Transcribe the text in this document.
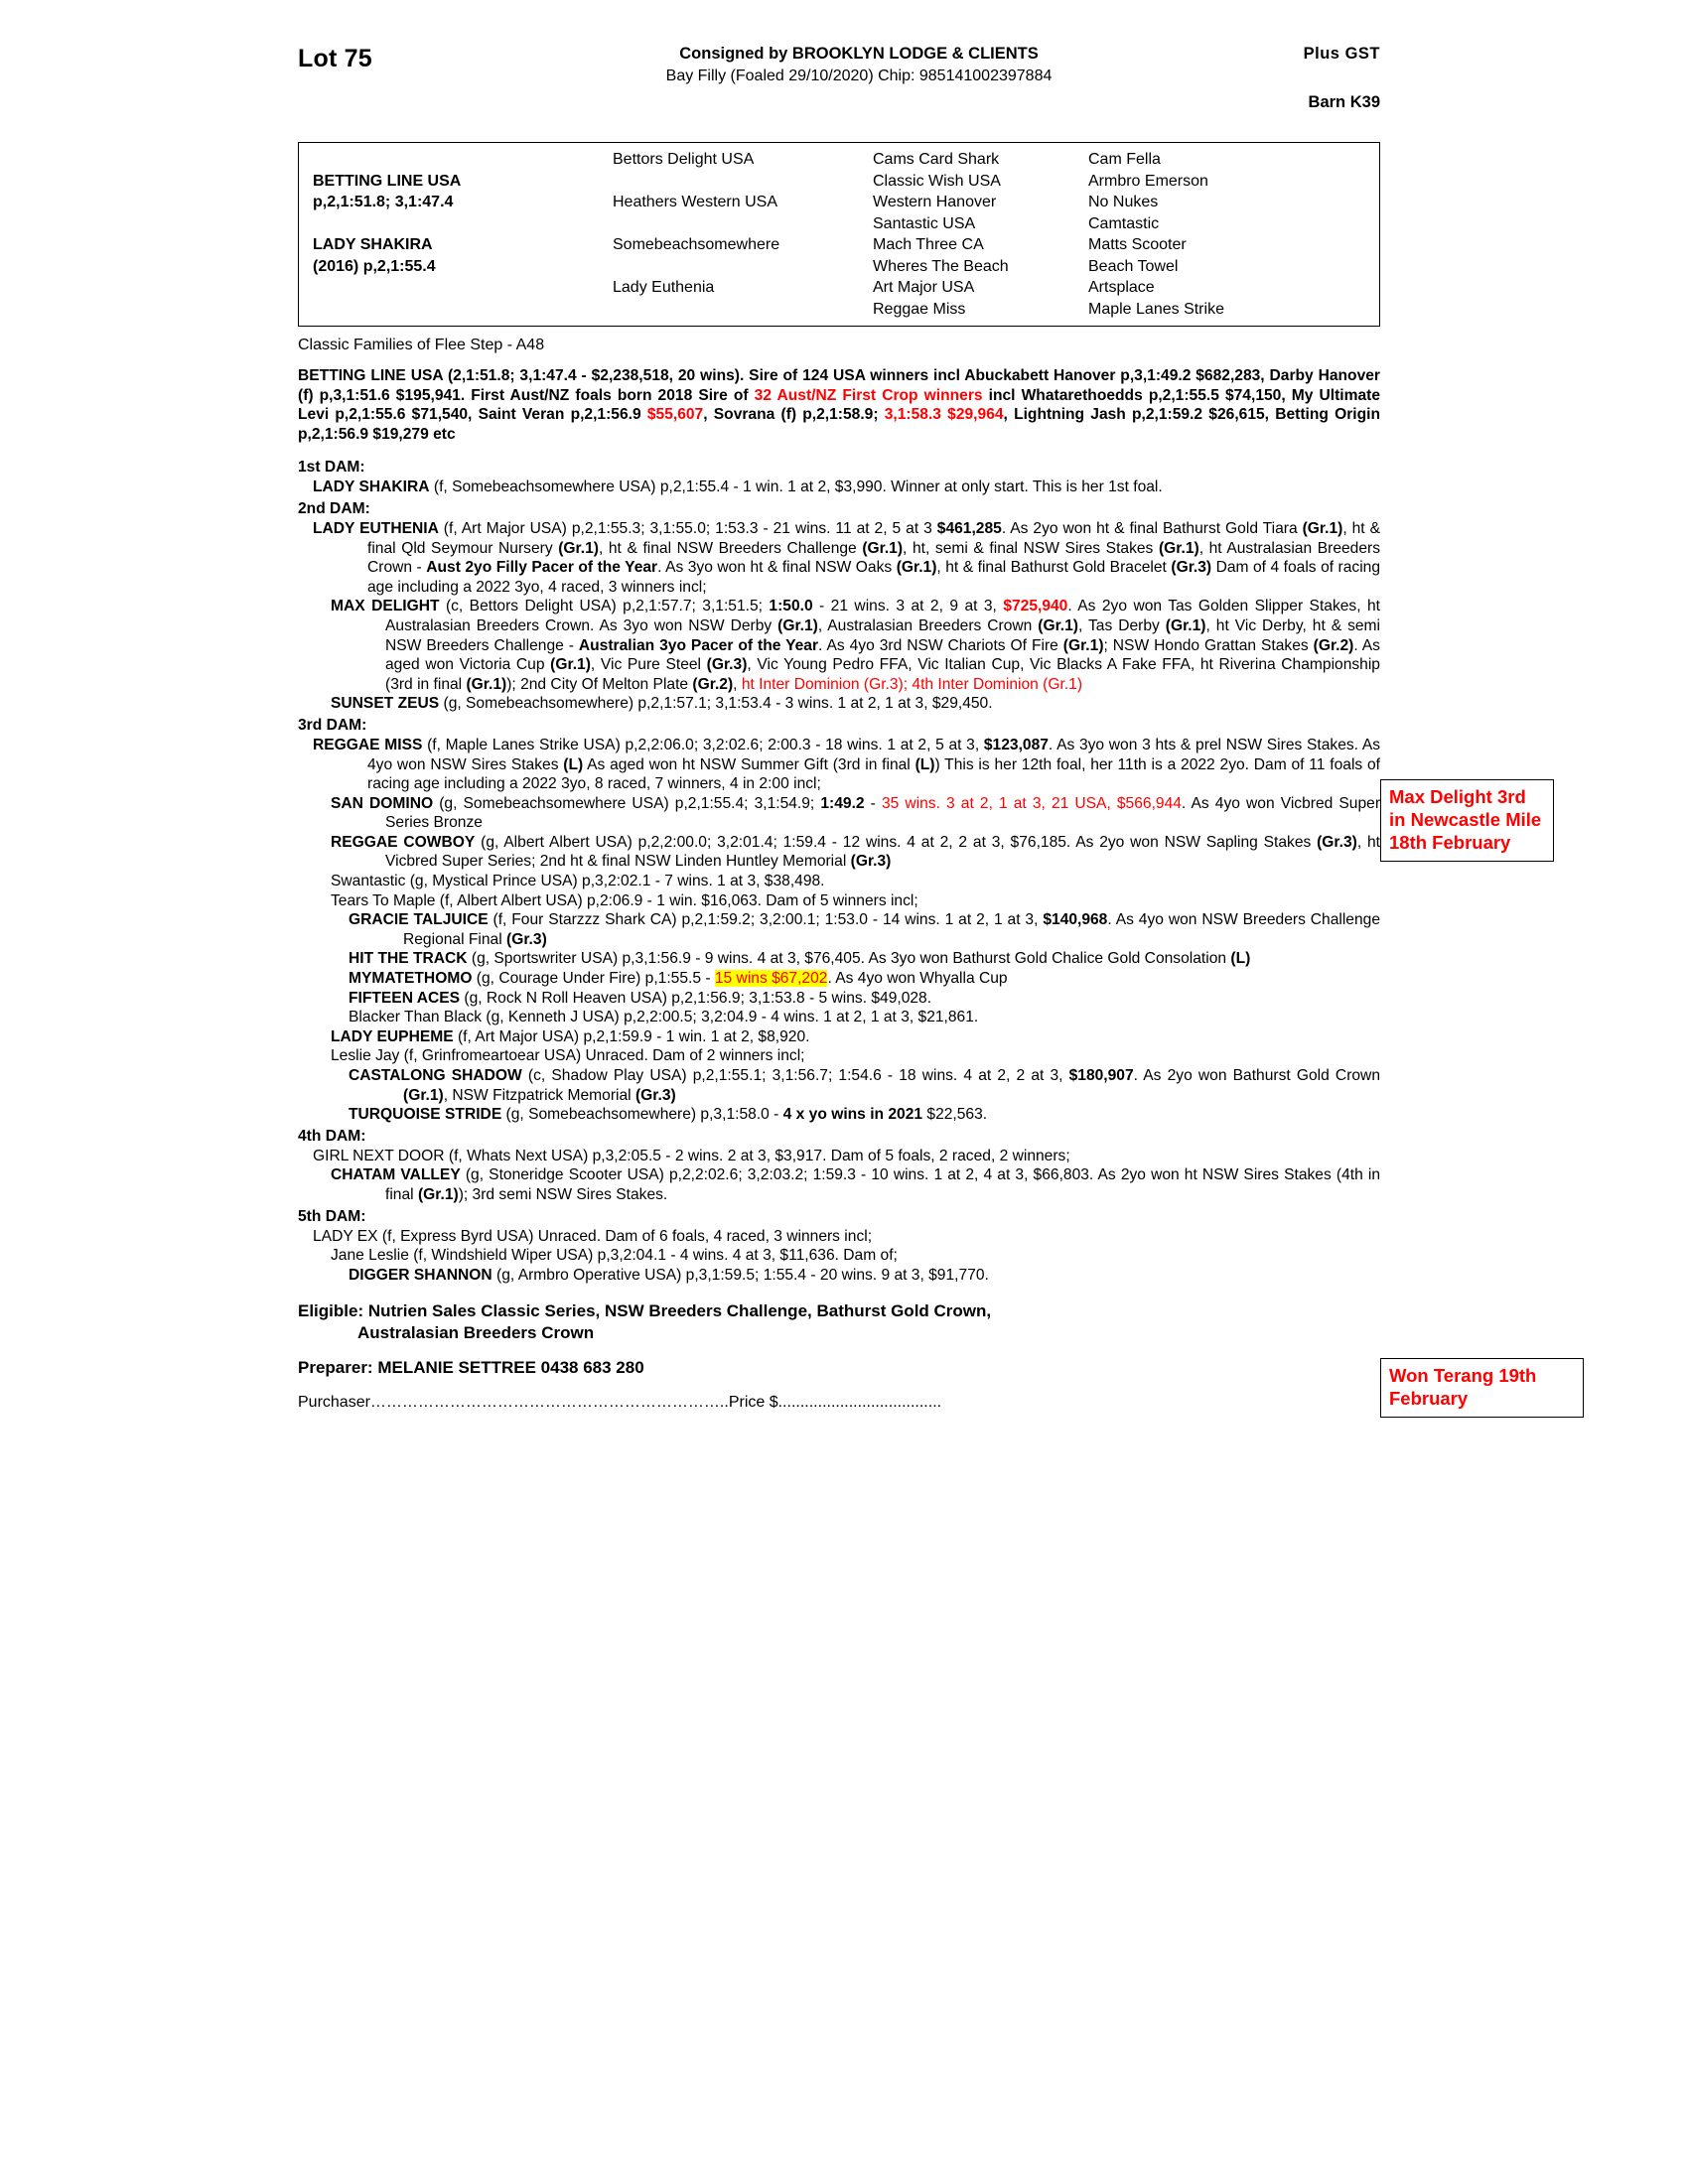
Lot 75	Consigned by BROOKLYN LODGE & CLIENTS
Bay Filly (Foaled 29/10/2020) Chip: 985141002397884
Plus GST
Barn K39
BETTING LINE USA
p,2,1:51.8; 3,1:47.4
LADY SHAKIRA
(2016) p,2,1:55.4
Bettors Delight USA
Heathers Western USA
Somebeachsomewhere
Lady Euthenia
Cams Card Shark
Classic Wish USA
Western Hanover
Santastic USA
Mach Three CA
Wheres The Beach
Art Major USA
Reggae Miss
Cam Fella
Armbro Emerson
No Nukes
Camtastic
Matts Scooter
Beach Towel
Artsplace
Maple Lanes Strike
Classic Families of Flee Step - A48
BETTING LINE USA (2,1:51.8; 3,1:47.4 - $2,238,518, 20 wins). Sire of 124 USA winners incl Abuckabett Hanover p,3,1:49.2 $682,283, Darby Hanover (f) p,3,1:51.6 $195,941. First Aust/NZ foals born 2018 Sire of 32 Aust/NZ First Crop winners incl Whatarethoedds p,2,1:55.5 $74,150, My Ultimate Levi p,2,1:55.6 $71,540, Saint Veran p,2,1:56.9 $55,607, Sovrana (f) p,2,1:58.9; 3,1:58.3 $29,964, Lightning Jash p,2,1:59.2 $26,615, Betting Origin p,2,1:56.9 $19,279 etc
1st DAM:
LADY SHAKIRA (f, Somebeachsomewhere USA) p,2,1:55.4 - 1 win. 1 at 2, $3,990. Winner at only start. This is her 1st foal.
2nd DAM:
LADY EUTHENIA (f, Art Major USA) p,2,1:55.3; 3,1:55.0; 1:53.3 - 21 wins. 11 at 2, 5 at 3 $461,285. As 2yo won ht & final Bathurst Gold Tiara (Gr.1), ht & final Qld Seymour Nursery (Gr.1), ht & final NSW Breeders Challenge (Gr.1), ht, semi & final NSW Sires Stakes (Gr.1), ht Australasian Breeders Crown - Aust 2yo Filly Pacer of the Year. As 3yo won ht & final NSW Oaks (Gr.1), ht & final Bathurst Gold Bracelet (Gr.3) Dam of 4 foals of racing age including a 2022 3yo, 4 raced, 3 winners incl;
MAX DELIGHT (c, Bettors Delight USA) p,2,1:57.7; 3,1:51.5; 1:50.0 - 21 wins. 3 at 2, 9 at 3, $725,940. As 2yo won Tas Golden Slipper Stakes, ht Australasian Breeders Crown. As 3yo won NSW Derby (Gr.1), Australasian Breeders Crown (Gr.1), Tas Derby (Gr.1), ht Vic Derby, ht & semi NSW Breeders Challenge - Australian 3yo Pacer of the Year. As 4yo 3rd NSW Chariots Of Fire (Gr.1); NSW Hondo Grattan Stakes (Gr.2). As aged won Victoria Cup (Gr.1), Vic Pure Steel (Gr.3), Vic Young Pedro FFA, Vic Italian Cup, Vic Blacks A Fake FFA, ht Riverina Championship (3rd in final (Gr.1)); 2nd City Of Melton Plate (Gr.2), ht Inter Dominion (Gr.3); 4th Inter Dominion (Gr.1)
SUNSET ZEUS (g, Somebeachsomewhere) p,2,1:57.1; 3,1:53.4 - 3 wins. 1 at 2, 1 at 3, $29,450.
3rd DAM:
REGGAE MISS (f, Maple Lanes Strike USA) p,2,2:06.0; 3,2:02.6; 2:00.3 - 18 wins. 1 at 2, 5 at 3, $123,087. As 3yo won 3 hts & prel NSW Sires Stakes. As 4yo won NSW Sires Stakes (L) As aged won ht NSW Summer Gift (3rd in final (L)) This is her 12th foal, her 11th is a 2022 2yo. Dam of 11 foals of racing age including a 2022 3yo, 8 raced, 7 winners, 4 in 2:00 incl;
SAN DOMINO (g, Somebeachsomewhere USA) p,2,1:55.4; 3,1:54.9; 1:49.2 - 35 wins. 3 at 2, 1 at 3, 21 USA, $566,944. As 4yo won Vicbred Super Series Bronze
REGGAE COWBOY (g, Albert Albert USA) p,2,2:00.0; 3,2:01.4; 1:59.4 - 12 wins. 4 at 2, 2 at 3, $76,185. As 2yo won NSW Sapling Stakes (Gr.3), ht Vicbred Super Series; 2nd ht & final NSW Linden Huntley Memorial (Gr.3)
Swantastic (g, Mystical Prince USA) p,3,2:02.1 - 7 wins. 1 at 3, $38,498.
Tears To Maple (f, Albert Albert USA) p,2:06.9 - 1 win. $16,063. Dam of 5 winners incl;
GRACIE TALJUICE (f, Four Starzzz Shark CA) p,2,1:59.2; 3,2:00.1; 1:53.0 - 14 wins. 1 at 2, 1 at 3, $140,968. As 4yo won NSW Breeders Challenge Regional Final (Gr.3)
HIT THE TRACK (g, Sportswriter USA) p,3,1:56.9 - 9 wins. 4 at 3, $76,405. As 3yo won Bathurst Gold Chalice Gold Consolation (L)
MYMATETHOMO (g, Courage Under Fire) p,1:55.5 - 15 wins $67,202. As 4yo won Whyalla Cup
FIFTEEN ACES (g, Rock N Roll Heaven USA) p,2,1:56.9; 3,1:53.8 - 5 wins. $49,028.
Blacker Than Black (g, Kenneth J USA) p,2,2:00.5; 3,2:04.9 - 4 wins. 1 at 2, 1 at 3, $21,861.
LADY EUPHEME (f, Art Major USA) p,2,1:59.9 - 1 win. 1 at 2, $8,920.
Leslie Jay (f, Grinfromeartoear USA) Unraced. Dam of 2 winners incl;
CASTALONG SHADOW (c, Shadow Play USA) p,2,1:55.1; 3,1:56.7; 1:54.6 - 18 wins. 4 at 2, 2 at 3, $180,907. As 2yo won Bathurst Gold Crown (Gr.1), NSW Fitzpatrick Memorial (Gr.3)
TURQUOISE STRIDE (g, Somebeachsomewhere) p,3,1:58.0 - 4 x yo wins in 2021 $22,563.
4th DAM:
GIRL NEXT DOOR (f, Whats Next USA) p,3,2:05.5 - 2 wins. 2 at 3, $3,917. Dam of 5 foals, 2 raced, 2 winners;
CHATAM VALLEY (g, Stoneridge Scooter USA) p,2,2:02.6; 3,2:03.2; 1:59.3 - 10 wins. 1 at 2, 4 at 3, $66,803. As 2yo won ht NSW Sires Stakes (4th in final (Gr.1)); 3rd semi NSW Sires Stakes.
5th DAM:
LADY EX (f, Express Byrd USA) Unraced. Dam of 6 foals, 4 raced, 3 winners incl;
Jane Leslie (f, Windshield Wiper USA) p,3,2:04.1 - 4 wins. 4 at 3, $11,636. Dam of;
DIGGER SHANNON (g, Armbro Operative USA) p,3,1:59.5; 1:55.4 - 20 wins. 9 at 3, $91,770.
Eligible: Nutrien Sales Classic Series, NSW Breeders Challenge, Bathurst Gold Crown,
Australasian Breeders Crown
Preparer: MELANIE SETTREE 0438 683 280
Purchaser…………………………………………………………..Price $.....................................
Max Delight 3rd in Newcastle Mile 18th February
Won Terang 19th February
